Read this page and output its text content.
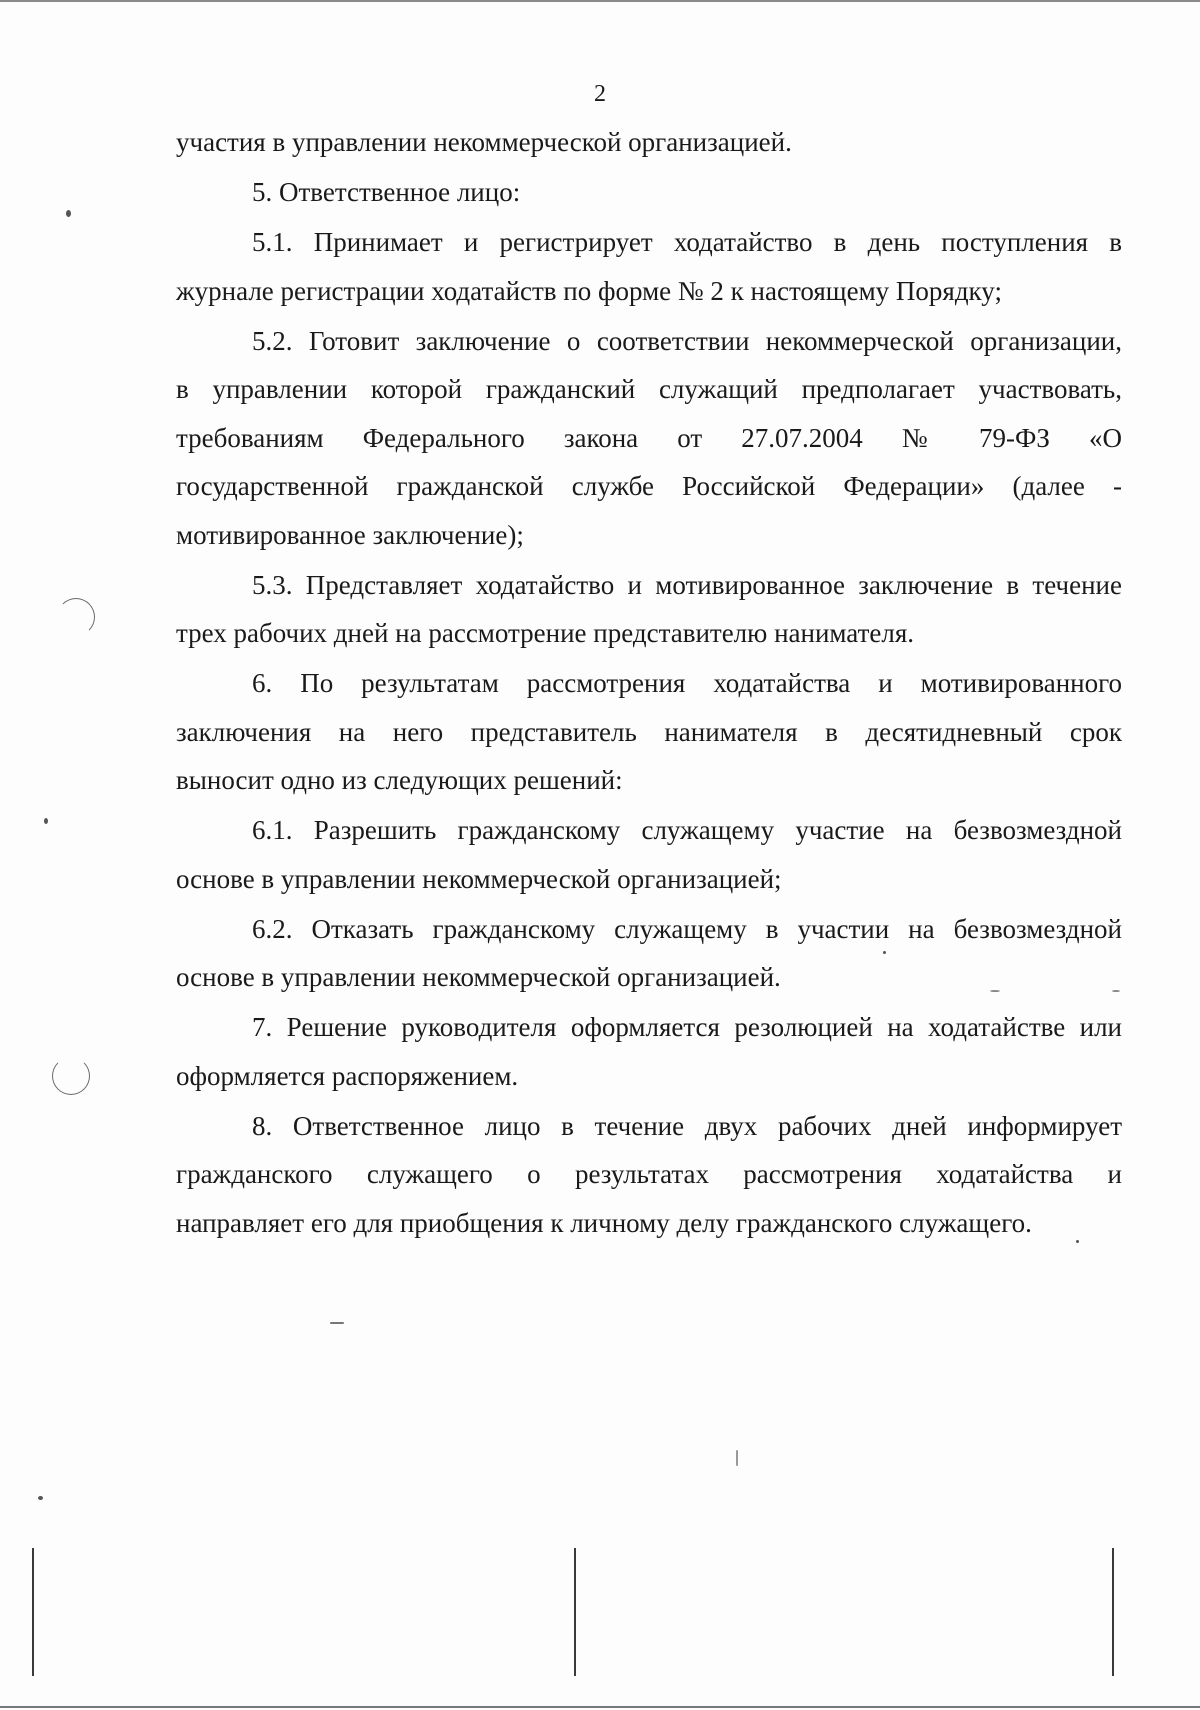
2

участия в управлении некоммерческой организацией.

5. Ответственное лицо:

5.1. Принимает и регистрирует ходатайство в день поступления в
журнале регистрации ходатайств по форме № 2 к настоящему Порядку;

5.2. Готовит заключение о соответствии некоммерческой организации,
в управлении которой гражданский служащий предполагает участвовать,
требованиям Федерального закона от 27.07.2004 № 79-ФЗ «О
государственной гражданской службе Российской Федерации» (далее -
мотивированное заключение);

5.3. Представляет ходатайство и мотивированное заключение в течение
трех рабочих дней на рассмотрение представителю нанимателя.

6. По результатам рассмотрения ходатайства и мотивированного
заключения на него представитель нанимателя в десятидневный срок
выносит одно из следующих решений:

6.1. Разрешить гражданскому служащему участие на безвозмездной
основе в управлении некоммерческой организацией;

6.2. Отказать гражданскому служащему в участии на безвозмездной
основе в управлении некоммерческой организацией.

7. Решение руководителя оформляется резолюцией на ходатайстве или
оформляется распоряжением.

8. Ответственное лицо в течение двух рабочих дней информирует
гражданского служащего о результатах рассмотрения ходатайства и
направляет его для приобщения к личному делу гражданского служащего.
